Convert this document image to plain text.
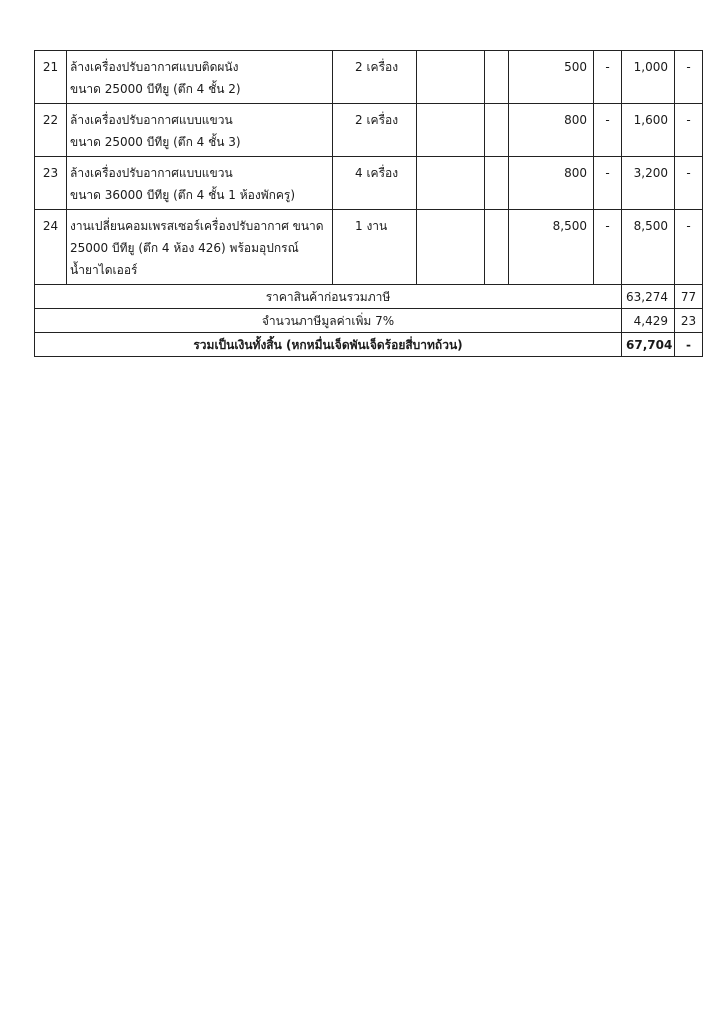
21	ล้างเครื่องปรับอากาศแบบติดผนัง
ขนาด 25000 บีทียู (ตึก 4 ชั้น 2)	2 เครื่อง			500	-	1,000	-
22	ล้างเครื่องปรับอากาศแบบแขวน
ขนาด 25000 บีทียู (ตึก 4 ชั้น 3)	2 เครื่อง			800	-	1,600	-
23	ล้างเครื่องปรับอากาศแบบแขวน
ขนาด 36000 บีทียู (ตึก 4 ชั้น 1 ห้องพักครู)	4 เครื่อง			800	-	3,200	-
24	งานเปลี่ยนคอมเพรสเซอร์เครื่องปรับอากาศ ขนาด
25000 บีทียู (ตึก 4 ห้อง 426) พร้อมอุปกรณ์
น้ำยาไดเออร์	1 งาน			8,500	-	8,500	-
ราคาสินค้าก่อนรวมภาษี							63,274	77
จำนวนภาษีมูลค่าเพิ่ม 7%							4,429	23
รวมเป็นเงินทั้งสิ้น (หกหมื่นเจ็ดพันเจ็ดร้อยสี่บาทถ้วน)							67,704	-
